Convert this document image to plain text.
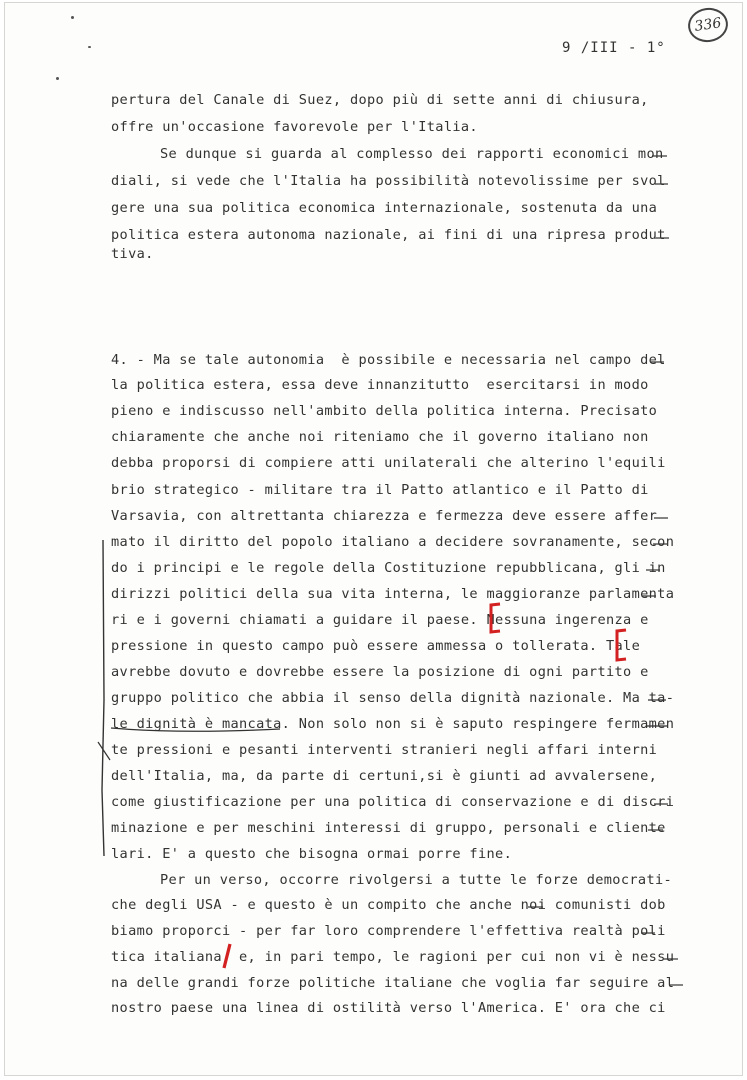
336
9 /III - 1°
pertura del Canale di Suez, dopo più di sette anni di chiusura,
offre un'occasione favorevole per l'Italia.
Se dunque si guarda al complesso dei rapporti economici mon
diali, si vede che l'Italia ha possibilità notevolissime per svol
gere una sua politica economica internazionale, sostenuta da una
politica estera autonoma nazionale, ai fini di una ripresa produt
tiva.
4. - Ma se tale autonomia  è possibile e necessaria nel campo del
la politica estera, essa deve innanzitutto  esercitarsi in modo
pieno e indiscusso nell'ambito della politica interna. Precisato
chiaramente che anche noi riteniamo che il governo italiano non
debba proporsi di compiere atti unilaterali che alterino l'equili
brio strategico - militare tra il Patto atlantico e il Patto di
Varsavia, con altrettanta chiarezza e fermezza deve essere affer
mato il diritto del popolo italiano a decidere sovranamente, secon
do i principi e le regole della Costituzione repubblicana, gli in
dirizzi politici della sua vita interna, le maggioranze parlamenta
ri e i governi chiamati a guidare il paese. Nessuna ingerenza e
pressione in questo campo può essere ammessa o tollerata. Tale
avrebbe dovuto e dovrebbe essere la posizione di ogni partito e
gruppo politico che abbia il senso della dignità nazionale. Ma ta-
le dignità è mancata. Non solo non si è saputo respingere fermamen
te pressioni e pesanti interventi stranieri negli affari interni
dell'Italia, ma, da parte di certuni,si è giunti ad avvalersene,
come giustificazione per una politica di conservazione e di discri
minazione e per meschini interessi di gruppo, personali e cliente
lari. E' a questo che bisogna ormai porre fine.
Per un verso, occorre rivolgersi a tutte le forze democrati-
che degli USA - e questo è un compito che anche noi comunisti dob
biamo proporci - per far loro comprendere l'effettiva realtà poli
tica italiana, e, in pari tempo, le ragioni per cui non vi è nessu
na delle grandi forze politiche italiane che voglia far seguire al
nostro paese una linea di ostilità verso l'America. E' ora che ci
